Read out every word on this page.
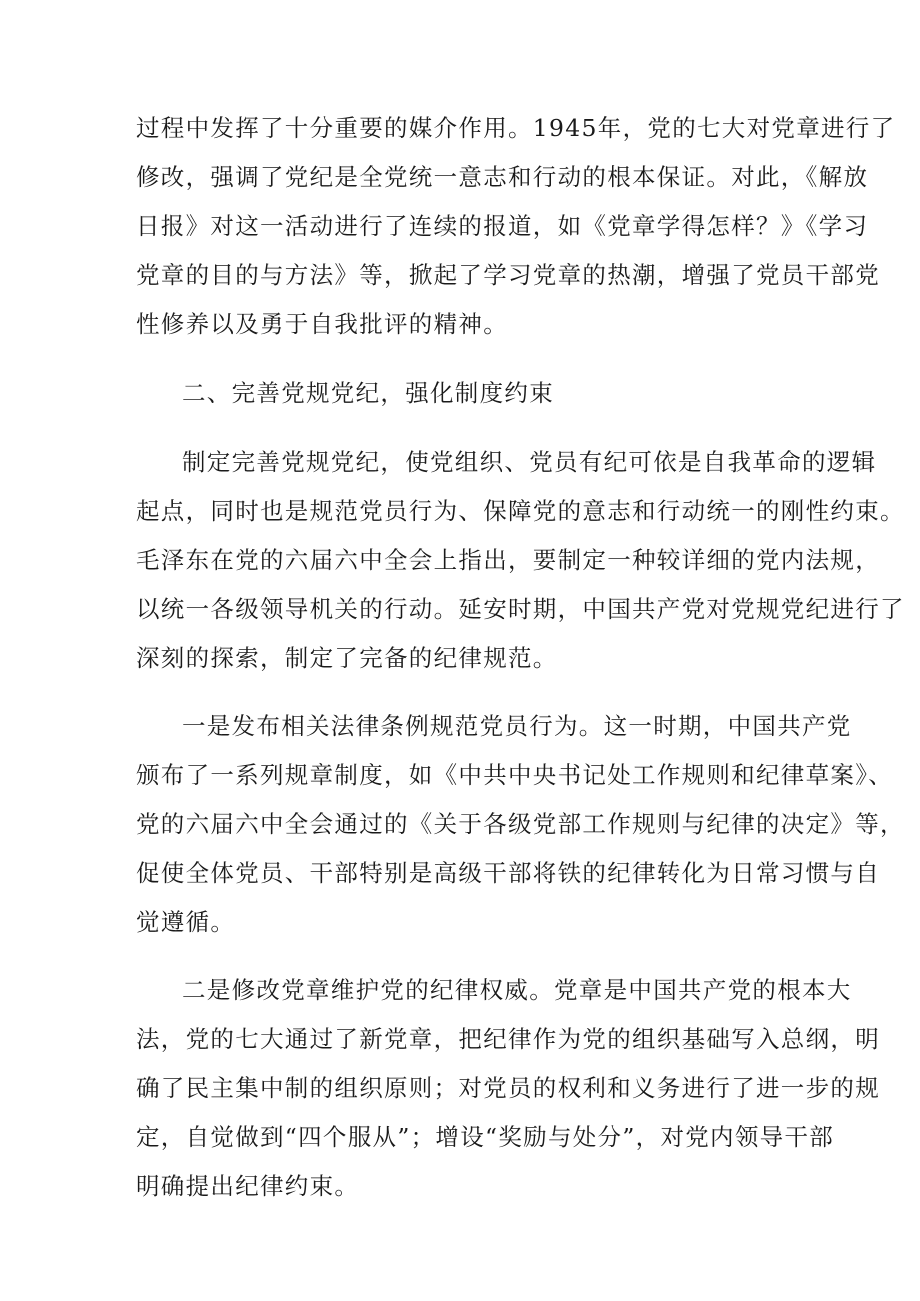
过程中发挥了十分重要的媒介作用。1945年，党的七大对党章进行了
修改，强调了党纪是全党统一意志和行动的根本保证。对此，《解放
日报》对这一活动进行了连续的报道，如《党章学得怎样？》《学习
党章的目的与方法》等，掀起了学习党章的热潮，增强了党员干部党
性修养以及勇于自我批评的精神。
二、完善党规党纪，强化制度约束
制定完善党规党纪，使党组织、党员有纪可依是自我革命的逻辑
起点，同时也是规范党员行为、保障党的意志和行动统一的刚性约束。
毛泽东在党的六届六中全会上指出，要制定一种较详细的党内法规，
以统一各级领导机关的行动。延安时期，中国共产党对党规党纪进行了
深刻的探索，制定了完备的纪律规范。
一是发布相关法律条例规范党员行为。这一时期，中国共产党
颁布了一系列规章制度，如《中共中央书记处工作规则和纪律草案》、
党的六届六中全会通过的《关于各级党部工作规则与纪律的决定》等，
促使全体党员、干部特别是高级干部将铁的纪律转化为日常习惯与自
觉遵循。
二是修改党章维护党的纪律权威。党章是中国共产党的根本大
法，党的七大通过了新党章，把纪律作为党的组织基础写入总纲，明
确了民主集中制的组织原则；对党员的权利和义务进行了进一步的规
定，自觉做到“四个服从”；增设“奖励与处分”，对党内领导干部
明确提出纪律约束。
